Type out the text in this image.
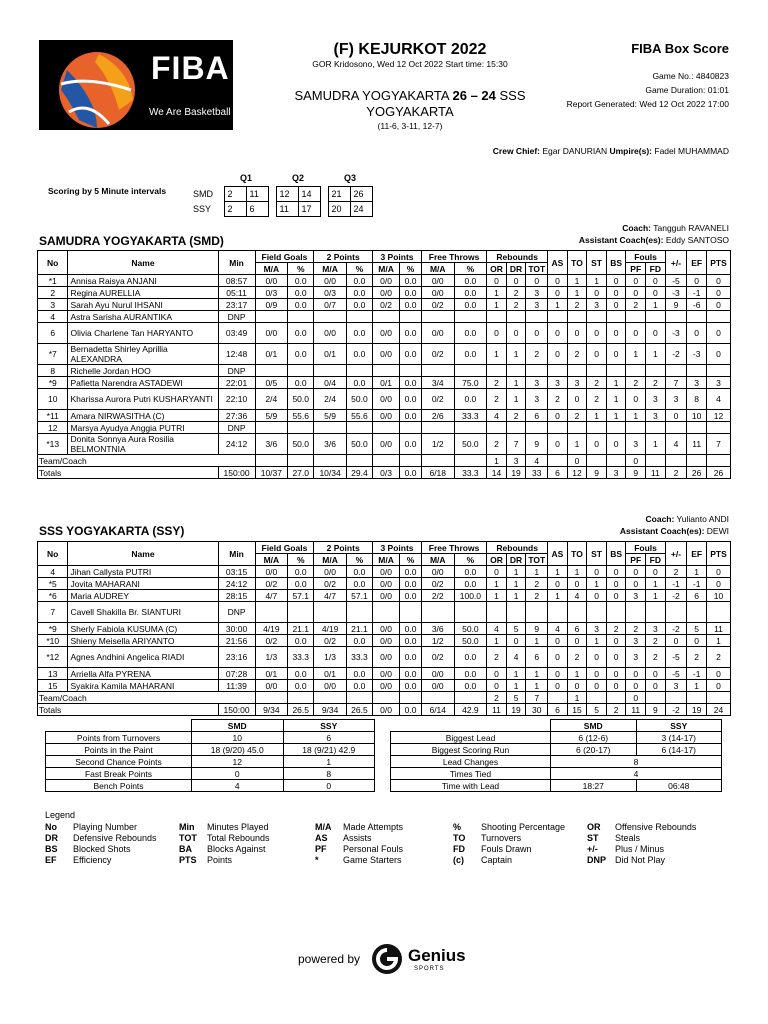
FIBA
We Are Basketball
(F) KEJURKOT 2022
GOR Kridosono, Wed 12 Oct 2022 Start time: 15:30
SAMUDRA YOGYAKARTA 26 – 24 SSS YOGYAKARTA
(11-6, 3-11, 12-7)
FIBA Box Score
Game No.: 4840823
Game Duration: 01:01
Report Generated: Wed 12 Oct 2022 17:00
Crew Chief: Egar DANURIAN Umpire(s): Fadel MUHAMMAD
Scoring by 5 Minute intervals
	Q1			Q2			Q3	
SMD	2	11		12	14		21	26
SSY	2	6		11	17		20	24
SAMUDRA YOGYAKARTA (SMD)
Coach: Tangguh RAVANELI
Assistant Coach(es): Eddy SANTOSO
No	Name	Min	Field Goals		2 Points		3 Points		Free Throws		Rebounds			AS	TO	ST	BS	Fouls		+/-	EF	PTS
			M/A	%	M/A	%	M/A	%	M/A	%	OR	DR	TOT					PF	FD			
*1	Annisa Raisya ANJANI	08:57	0/0	0.0	0/0	0.0	0/0	0.0	0/0	0.0	0	0	0	0	1	1	0	0	0	-5	0	0
2	Regina AURELLIA	05:11	0/3	0.0	0/3	0.0	0/0	0.0	0/0	0.0	1	2	3	0	1	0	0	0	0	-3	-1	0
3	Sarah Ayu Nurul IHSANI	23:17	0/9	0.0	0/7	0.0	0/2	0.0	0/2	0.0	1	2	3	1	2	3	0	2	1	9	-6	0
4	Astra Sarisha AURANTIKA	DNP																				
6	Olivia Charlene Tan HARYANTO	03:49	0/0	0.0	0/0	0.0	0/0	0.0	0/0	0.0	0	0	0	0	0	0	0	0	0	-3	0	0
*7	Bernadetta Shirley Aprillia ALEXANDRA	12:48	0/1	0.0	0/1	0.0	0/0	0.0	0/2	0.0	1	1	2	0	2	0	0	1	1	-2	-3	0
8	Richelle Jordan HOO	DNP																				
*9	Pafietta Narendra ASTADEWI	22:01	0/5	0.0	0/4	0.0	0/1	0.0	3/4	75.0	2	1	3	3	3	2	1	2	2	7	3	3
10	Kharissa Aurora Putri KUSHARYANTI	22:10	2/4	50.0	2/4	50.0	0/0	0.0	0/2	0.0	2	1	3	2	0	2	1	0	3	3	8	4
*11	Amara NIRWASITHA (C)	27:36	5/9	55.6	5/9	55.6	0/0	0.0	2/6	33.3	4	2	6	0	2	1	1	1	3	0	10	12
12	Marsya Ayudya Anggia PUTRI	DNP																				
*13	Donita Sonnya Aura Rosilia BELMONTNIA	24:12	3/6	50.0	3/6	50.0	0/0	0.0	1/2	50.0	2	7	9	0	1	0	0	3	1	4	11	7
Team/Coach											1	3	4		0			0				
Totals		150:00	10/37	27.0	10/34	29.4	0/3	0.0	6/18	33.3	14	19	33	6	12	9	3	9	11	2	26	26
SSS YOGYAKARTA (SSY)
Coach: Yulianto ANDI
Assistant Coach(es): DEWI
No	Name	Min	Field Goals		2 Points		3 Points		Free Throws		Rebounds			AS	TO	ST	BS	Fouls		+/-	EF	PTS
			M/A	%	M/A	%	M/A	%	M/A	%	OR	DR	TOT					PF	FD			
4	Jihan Callysta PUTRI	03:15	0/0	0.0	0/0	0.0	0/0	0.0	0/0	0.0	0	1	1	1	1	0	0	0	0	2	1	0
*5	Jovita MAHARANI	24:12	0/2	0.0	0/2	0.0	0/0	0.0	0/2	0.0	1	1	2	0	0	1	0	0	1	-1	-1	0
*6	Maria AUDREY	28:15	4/7	57.1	4/7	57.1	0/0	0.0	2/2	100.0	1	1	2	1	4	0	0	3	1	-2	6	10
7	Cavell Shakilla Br. SIANTURI	DNP																				
*9	Sherly Fabiola KUSUMA (C)	30:00	4/19	21.1	4/19	21.1	0/0	0.0	3/6	50.0	4	5	9	4	6	3	2	2	3	-2	5	11
*10	Shieny Meisella ARIYANTO	21:56	0/2	0.0	0/2	0.0	0/0	0.0	1/2	50.0	1	0	1	0	0	1	0	3	2	0	0	1
*12	Agnes Andhini Angelica RIADI	23:16	1/3	33.3	1/3	33.3	0/0	0.0	0/2	0.0	2	4	6	0	2	0	0	3	2	-5	2	2
13	Arriella Alfa PYRENA	07:28	0/1	0.0	0/1	0.0	0/0	0.0	0/0	0.0	0	1	1	0	1	0	0	0	0	-5	-1	0
15	Syakira Kamila MAHARANI	11:39	0/0	0.0	0/0	0.0	0/0	0.0	0/0	0.0	0	1	1	0	0	0	0	0	0	3	1	0
Team/Coach											2	5	7		1			0				
Totals		150:00	9/34	26.5	9/34	26.5	0/0	0.0	6/14	42.9	11	19	30	6	15	5	2	11	9	-2	19	24
	SMD	SSY
Points from Turnovers	10	6
Points in the Paint	18 (9/20) 45.0	18 (9/21) 42.9
Second Chance Points	12	1
Fast Break Points	0	8
Bench Points	4	0
	SMD	SSY
Biggest Lead	6 (12-6)	3 (14-17)
Biggest Scoring Run	6 (20-17)	6 (14-17)
Lead Changes	8	
Times Tied	4	
Time with Lead	18:27	06:48
Legend
No Playing Number
DR Defensive Rebounds
BS Blocked Shots
EF Efficiency
Min Minutes Played
TOT Total Rebounds
BA Blocks Against
PTS Points
M/A Made Attempts
AS Assists
PF Personal Fouls
*	Game Starters
% Shooting Percentage
TO Turnovers
FD Fouls Drawn
(c) Captain
OR Offensive Rebounds
ST Steals
+/- Plus / Minus
DNP Did Not Play
powered by	Genius
SPORTS
